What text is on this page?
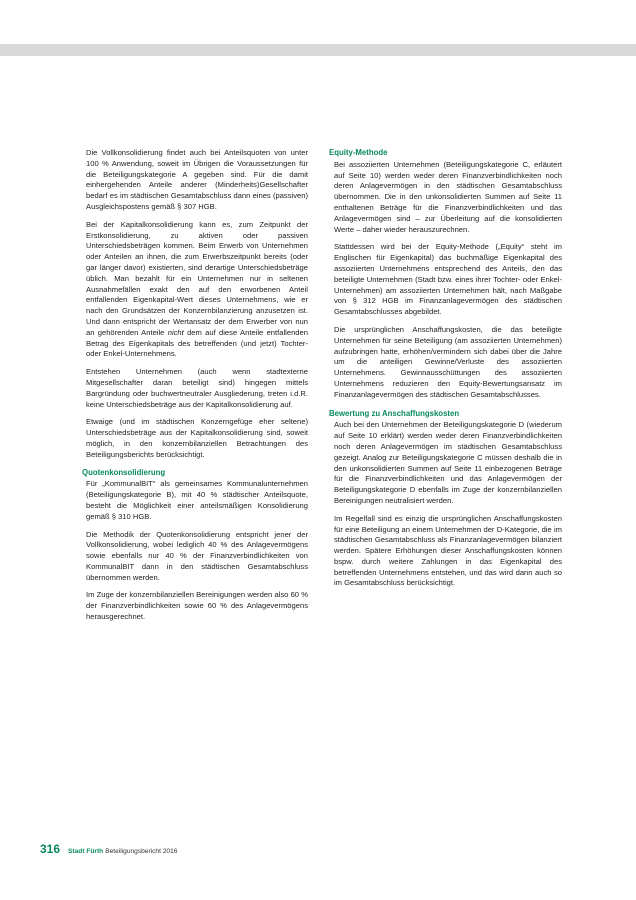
Die Vollkonsolidierung findet auch bei Anteilsquoten von unter 100 % Anwendung, soweit im Übrigen die Voraussetzungen für die Beteiligungskategorie A gegeben sind. Für die damit einhergehenden Anteile anderer (Minderheits)Gesellschafter bedarf es im städtischen Gesamtabschluss dann eines (passiven) Ausgleichspostens gemäß § 307 HGB.

Bei der Kapitalkonsolidierung kann es, zum Zeitpunkt der Erstkonsolidierung, zu aktiven oder passiven Unterschiedsbeträgen kommen. Beim Erwerb von Unternehmen oder Anteilen an ihnen, die zum Erwerbszeitpunkt bereits (oder gar länger davor) existierten, sind derartige Unterschiedsbeträge üblich. Man bezahlt für ein Unternehmen nur in seltenen Ausnahmefällen exakt den auf den erworbenen Anteil entfallenden Eigenkapital-Wert dieses Unternehmens, wie er nach den Grundsätzen der Konzernbilanzierung anzusetzen ist. Und dann entspricht der Wertansatz der dem Erwerber von nun an gehörenden Anteile nicht dem auf diese Anteile entfallenden Betrag des Eigenkapitals des betreffenden (und jetzt) Tochter- oder Enkel-Unternehmens.

Entstehen Unternehmen (auch wenn stadtexterne Mitgesellschafter daran beteiligt sind) hingegen mittels Bargründung oder buchwertneutraler Ausgliederung, treten i.d.R. keine Unterschiedsbeträge aus der Kapitalkonsolidierung auf.

Etwaige (und im städtischen Konzerngefüge eher seltene) Unterschiedsbeträge aus der Kapitalkonsolidierung sind, soweit möglich, in den konzernbilanziellen Betrachtungen des Beteiligungsberichts berücksichtigt.

Quotenkonsolidierung

Für „KommunalBIT“ als gemeinsames Kommunalunternehmen (Beteiligungskategorie B), mit 40 % städtischer Anteilsquote, besteht die Möglichkeit einer anteilsmäßigen Konsolidierung gemäß § 310 HGB.

Die Methodik der Quotenkonsolidierung entspricht jener der Vollkonsolidierung, wobei lediglich 40 % des Anlagevermögens sowie ebenfalls nur 40 % der Finanzverbindlichkeiten von KommunalBIT dann in den städtischen Gesamtabschluss übernommen werden.

Im Zuge der konzernbilanziellen Bereinigungen werden also 60 % der Finanzverbindlichkeiten sowie 60 % des Anlagevermögens herausgerechnet.

Equity-Methode

Bei assoziierten Unternehmen (Beteiligungskategorie C, erläutert auf Seite 10) werden weder deren Finanzverbindlichkeiten noch deren Anlagevermögen in den städtischen Gesamtabschluss übernommen. Die in den unkonsolidierten Summen auf Seite 11 enthaltenen Beträge für die Finanzverbindlichkeiten und das Anlagevermögen sind – zur Überleitung auf die konsolidierten Werte – daher wieder herauszurechnen.

Stattdessen wird bei der Equity-Methode („Equity“ steht im Englischen für Eigenkapital) das buchmäßige Eigenkapital des assoziierten Unternehmens entsprechend des Anteils, den das beteiligte Unternehmen (Stadt bzw. eines ihrer Tochter- oder Enkel-Unternehmen) am assoziierten Unternehmen hält, nach Maßgabe von § 312 HGB im Finanzanlagevermögen des städtischen Gesamtabschlusses abgebildet.

Die ursprünglichen Anschaffungskosten, die das beteiligte Unternehmen für seine Beteiligung (am assoziierten Unternehmen) aufzubringen hatte, erhöhen/vermindern sich dabei über die Jahre um die anteiligen Gewinne/Verluste des assoziierten Unternehmens. Gewinnausschüttungen des assoziierten Unternehmens reduzieren den Equity-Bewertungsansatz im Finanzanlagevermögen des städtischen Gesamtabschlusses.

Bewertung zu Anschaffungskosten

Auch bei den Unternehmen der Beteiligungskategorie D (wiederum auf Seite 10 erklärt) werden weder deren Finanzverbindlichkeiten noch deren Anlagevermögen im städtischen Gesamtabschluss gezeigt. Analog zur Beteiligungskategorie C müssen deshalb die in den unkonsolidierten Summen auf Seite 11 einbezogenen Beträge für die Finanzverbindlichkeiten und das Anlagevermögen der Beteiligungskategorie D ebenfalls im Zuge der konzernbilanziellen Bereinigungen neutralisiert werden.

Im Regelfall sind es einzig die ursprünglichen Anschaffungskosten für eine Beteiligung an einem Unternehmen der D-Kategorie, die im städtischen Gesamtabschluss als Finanzanlagevermögen bilanziert werden. Spätere Erhöhungen dieser Anschaffungskosten können bspw. durch weitere Zahlungen in das Eigenkapital des betreffenden Unternehmens entstehen, und das wird dann auch so im Gesamtabschluss berücksichtigt.

316 Stadt Fürth Beteiligungsbericht 2016
